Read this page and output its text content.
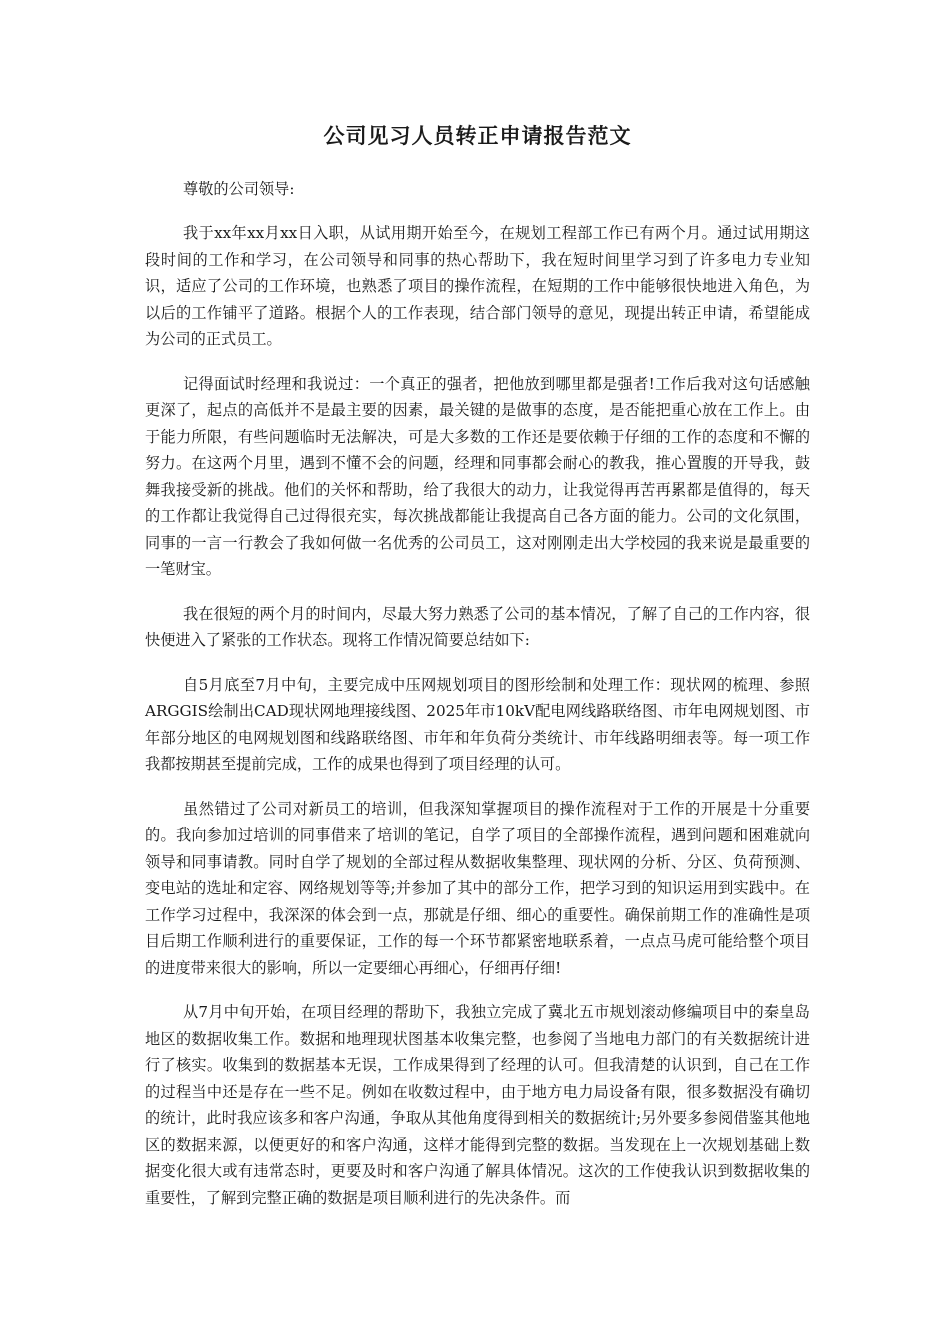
公司见习人员转正申请报告范文

尊敬的公司领导:

我于xx年xx月xx日入职，从试用期开始至今，在规划工程部工作已有两个月。通过试用期这段时间的工作和学习，在公司领导和同事的热心帮助下，我在短时间里学习到了许多电力专业知识，适应了公司的工作环境，也熟悉了项目的操作流程，在短期的工作中能够很快地进入角色，为以后的工作铺平了道路。根据个人的工作表现，结合部门领导的意见，现提出转正申请，希望能成为公司的正式员工。

记得面试时经理和我说过：一个真正的强者，把他放到哪里都是强者!工作后我对这句话感触更深了，起点的高低并不是最主要的因素，最关键的是做事的态度，是否能把重心放在工作上。由于能力所限，有些问题临时无法解决，可是大多数的工作还是要依赖于仔细的工作的态度和不懈的努力。在这两个月里，遇到不懂不会的问题，经理和同事都会耐心的教我，推心置腹的开导我，鼓舞我接受新的挑战。他们的关怀和帮助，给了我很大的动力，让我觉得再苦再累都是值得的，每天的工作都让我觉得自己过得很充实，每次挑战都能让我提高自己各方面的能力。公司的文化氛围，同事的一言一行教会了我如何做一名优秀的公司员工，这对刚刚走出大学校园的我来说是最重要的一笔财宝。

我在很短的两个月的时间内，尽最大努力熟悉了公司的基本情况，了解了自己的工作内容，很快便进入了紧张的工作状态。现将工作情况简要总结如下:

自5月底至7月中旬，主要完成中压网规划项目的图形绘制和处理工作：现状网的梳理、参照ARGGIS绘制出CAD现状网地理接线图、2025年市10kV配电网线路联络图、市年电网规划图、市年部分地区的电网规划图和线路联络图、市年和年负荷分类统计、市年线路明细表等。每一项工作我都按期甚至提前完成，工作的成果也得到了项目经理的认可。

虽然错过了公司对新员工的培训，但我深知掌握项目的操作流程对于工作的开展是十分重要的。我向参加过培训的同事借来了培训的笔记，自学了项目的全部操作流程，遇到问题和困难就向领导和同事请教。同时自学了规划的全部过程从数据收集整理、现状网的分析、分区、负荷预测、变电站的选址和定容、网络规划等等;并参加了其中的部分工作，把学习到的知识运用到实践中。在工作学习过程中，我深深的体会到一点，那就是仔细、细心的重要性。确保前期工作的准确性是项目后期工作顺利进行的重要保证，工作的每一个环节都紧密地联系着，一点点马虎可能给整个项目的进度带来很大的影响，所以一定要细心再细心，仔细再仔细!

从7月中旬开始，在项目经理的帮助下，我独立完成了冀北五市规划滚动修编项目中的秦皇岛地区的数据收集工作。数据和地理现状图基本收集完整，也参阅了当地电力部门的有关数据统计进行了核实。收集到的数据基本无误，工作成果得到了经理的认可。但我清楚的认识到，自己在工作的过程当中还是存在一些不足。例如在收数过程中，由于地方电力局设备有限，很多数据没有确切的统计，此时我应该多和客户沟通，争取从其他角度得到相关的数据统计;另外要多参阅借鉴其他地区的数据来源，以便更好的和客户沟通，这样才能得到完整的数据。当发现在上一次规划基础上数据变化很大或有违常态时，更要及时和客户沟通了解具体情况。这次的工作使我认识到数据收集的重要性，了解到完整正确的数据是项目顺利进行的先决条件。而
